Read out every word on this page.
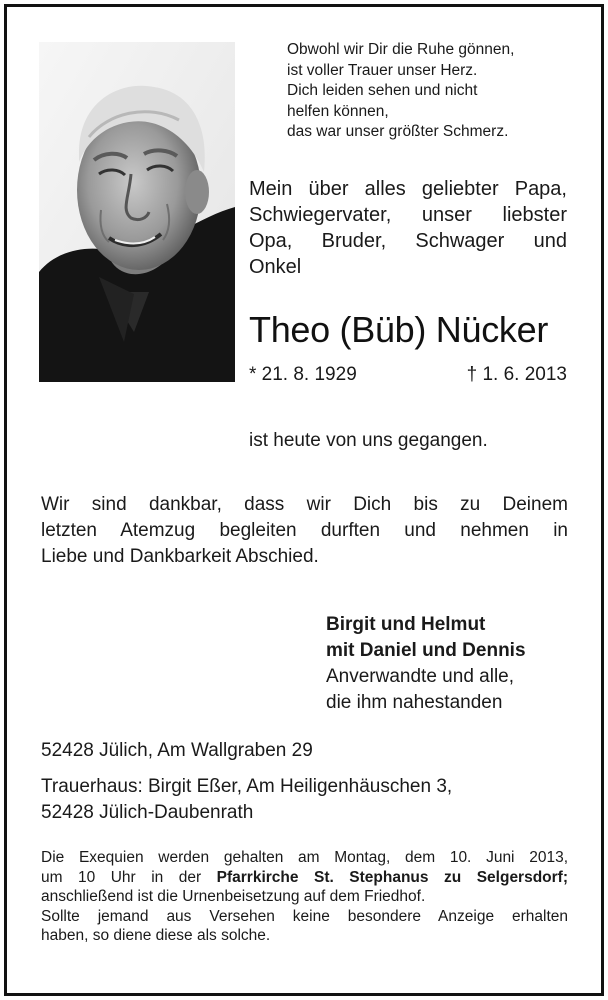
Obwohl wir Dir die Ruhe gönnen,
ist voller Trauer unser Herz.
Dich leiden sehen und nicht
helfen können,
das war unser größter Schmerz.
Mein über alles geliebter Papa,
Schwiegervater, unser liebster
Opa, Bruder, Schwager und
Onkel
Theo (Büb) Nücker
* 21. 8. 1929	† 1. 6. 2013
ist heute von uns gegangen.
Wir sind dankbar, dass wir Dich bis zu Deinem
letzten Atemzug begleiten durften und nehmen in
Liebe und Dankbarkeit Abschied.
Birgit und Helmut
mit Daniel und Dennis
Anverwandte und alle,
die ihm nahestanden
52428 Jülich, Am Wallgraben 29
Trauerhaus: Birgit Eßer, Am Heiligenhäuschen 3,
52428 Jülich-Daubenrath
Die Exequien werden gehalten am Montag, dem 10. Juni 2013,
um 10 Uhr in der Pfarrkirche St. Stephanus zu Selgersdorf;
anschließend ist die Urnenbeisetzung auf dem Friedhof.
Sollte jemand aus Versehen keine besondere Anzeige erhalten
haben, so diene diese als solche.
